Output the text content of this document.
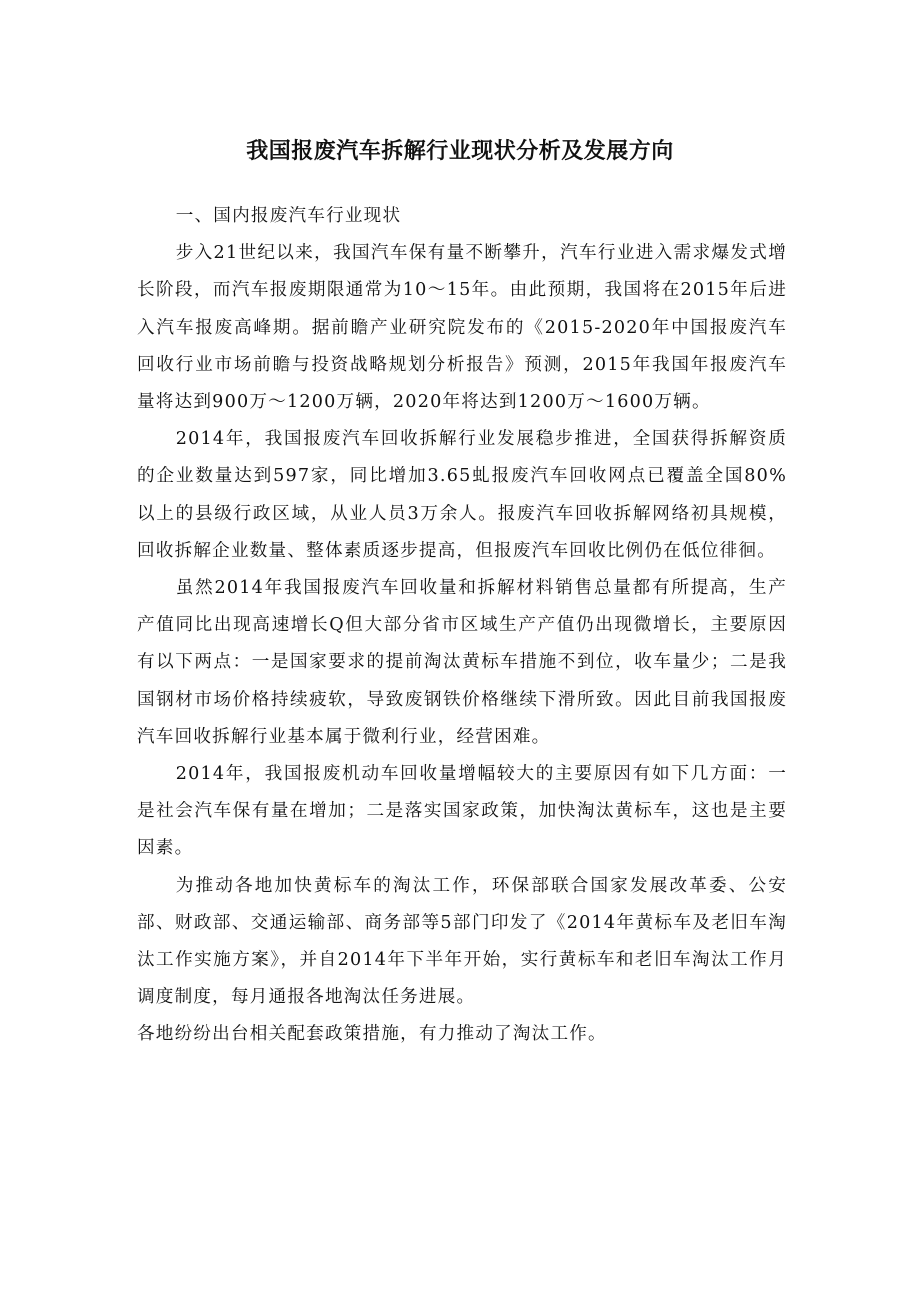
我国报废汽车拆解行业现状分析及发展方向

一、国内报废汽车行业现状

步入21世纪以来，我国汽车保有量不断攀升，汽车行业进入需求爆发式增长阶段，而汽车报废期限通常为10～15年。由此预期，我国将在2015年后进入汽车报废高峰期。据前瞻产业研究院发布的《2015-2020年中国报废汽车回收行业市场前瞻与投资战略规划分析报告》预测，2015年我国年报废汽车量将达到900万～1200万辆，2020年将达到1200万～1600万辆。

2014年，我国报废汽车回收拆解行业发展稳步推进，全国获得拆解资质的企业数量达到597家，同比增加3.65虬报废汽车回收网点已覆盖全国80%以上的县级行政区域，从业人员3万余人。报废汽车回收拆解网络初具规模，回收拆解企业数量、整体素质逐步提高，但报废汽车回收比例仍在低位徘徊。

虽然2014年我国报废汽车回收量和拆解材料销售总量都有所提高，生产产值同比出现高速增长Q但大部分省市区域生产产值仍出现微增长，主要原因有以下两点：一是国家要求的提前淘汰黄标车措施不到位，收车量少；二是我国钢材市场价格持续疲软，导致废钢铁价格继续下滑所致。因此目前我国报废汽车回收拆解行业基本属于微利行业，经营困难。

2014年，我国报废机动车回收量增幅较大的主要原因有如下几方面：一是社会汽车保有量在增加；二是落实国家政策，加快淘汰黄标车，这也是主要因素。

为推动各地加快黄标车的淘汰工作，环保部联合国家发展改革委、公安部、财政部、交通运输部、商务部等5部门印发了《2014年黄标车及老旧车淘汰工作实施方案》，并自2014年下半年开始，实行黄标车和老旧车淘汰工作月调度制度，每月通报各地淘汰任务进展。

各地纷纷出台相关配套政策措施，有力推动了淘汰工作。
